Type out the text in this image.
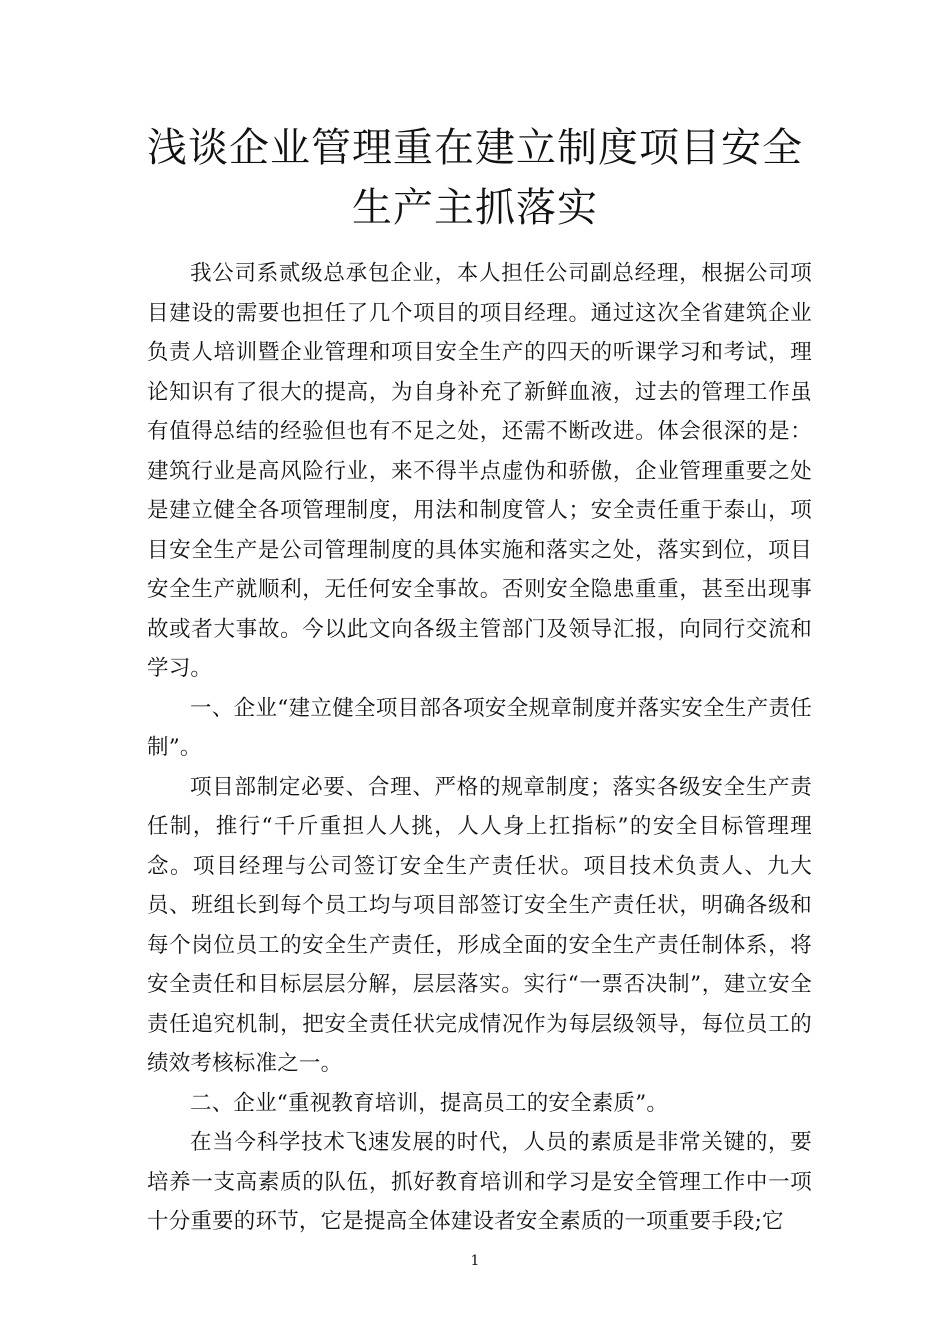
浅谈企业管理重在建立制度项目安全
生产主抓落实

我公司系贰级总承包企业，本人担任公司副总经理，根据公司项目建设的需要也担任了几个项目的项目经理。通过这次全省建筑企业负责人培训暨企业管理和项目安全生产的四天的听课学习和考试，理论知识有了很大的提高，为自身补充了新鲜血液，过去的管理工作虽有值得总结的经验但也有不足之处，还需不断改进。体会很深的是：建筑行业是高风险行业，来不得半点虚伪和骄傲，企业管理重要之处是建立健全各项管理制度，用法和制度管人；安全责任重于泰山，项目安全生产是公司管理制度的具体实施和落实之处，落实到位，项目安全生产就顺利，无任何安全事故。否则安全隐患重重，甚至出现事故或者大事故。今以此文向各级主管部门及领导汇报，向同行交流和学习。

一、企业“建立健全项目部各项安全规章制度并落实安全生产责任制”。

项目部制定必要、合理、严格的规章制度；落实各级安全生产责任制，推行“千斤重担人人挑，人人身上扛指标”的安全目标管理理念。项目经理与公司签订安全生产责任状。项目技术负责人、九大员、班组长到每个员工均与项目部签订安全生产责任状，明确各级和每个岗位员工的安全生产责任，形成全面的安全生产责任制体系，将安全责任和目标层层分解，层层落实。实行“一票否决制”，建立安全责任追究机制，把安全责任状完成情况作为每层级领导，每位员工的绩效考核标准之一。

二、企业“重视教育培训，提高员工的安全素质”。

在当今科学技术飞速发展的时代，人员的素质是非常关键的，要培养一支高素质的队伍，抓好教育培训和学习是安全管理工作中一项十分重要的环节，它是提高全体建设者安全素质的一项重要手段;它

1
